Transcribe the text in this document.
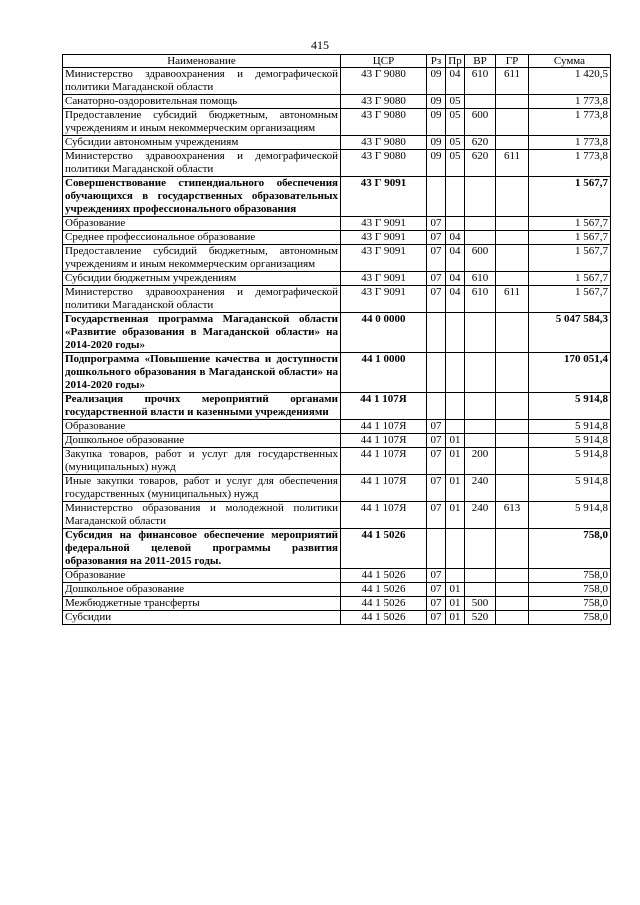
415
Наименование	ЦСР	Рз	Пр	ВР	ГР	Сумма
Министерство здравоохранения и демографической политики Магаданской области	43 Г 9080	09	04	610	611	1 420,5
Санаторно-оздоровительная помощь	43 Г 9080	09	05			1 773,8
Предоставление субсидий бюджетным, автономным учреждениям и иным некоммерческим организациям	43 Г 9080	09	05	600		1 773,8
Субсидии автономным учреждениям	43 Г 9080	09	05	620		1 773,8
Министерство здравоохранения и демографической политики Магаданской области	43 Г 9080	09	05	620	611	1 773,8
Совершенствование стипендиального обеспечения обучающихся в государственных образовательных учреждениях профессионального образования	43 Г 9091					1 567,7
Образование	43 Г 9091	07				1 567,7
Среднее профессиональное образование	43 Г 9091	07	04			1 567,7
Предоставление субсидий бюджетным, автономным учреждениям и иным некоммерческим организациям	43 Г 9091	07	04	600		1 567,7
Субсидии бюджетным учреждениям	43 Г 9091	07	04	610		1 567,7
Министерство здравоохранения и демографической политики Магаданской области	43 Г 9091	07	04	610	611	1 567,7
Государственная программа Магаданской области «Развитие образования в Магаданской области» на 2014-2020 годы»	44 0 0000					5 047 584,3
Подпрограмма «Повышение качества и доступности дошкольного образования в Магаданской области» на 2014-2020 годы»	44 1 0000					170 051,4
Реализация прочих мероприятий органами государственной власти и казенными учреждениями	44 1 107Я					5 914,8
Образование	44 1 107Я	07				5 914,8
Дошкольное образование	44 1 107Я	07	01			5 914,8
Закупка товаров, работ и услуг для государственных (муниципальных) нужд	44 1 107Я	07	01	200		5 914,8
Иные закупки товаров, работ и услуг для обеспечения государственных (муниципальных) нужд	44 1 107Я	07	01	240		5 914,8
Министерство образования и молодежной политики Магаданской области	44 1 107Я	07	01	240	613	5 914,8
Субсидия на финансовое обеспечение мероприятий федеральной целевой программы развития образования на 2011-2015 годы.	44 1 5026					758,0
Образование	44 1 5026	07				758,0
Дошкольное образование	44 1 5026	07	01			758,0
Межбюджетные трансферты	44 1 5026	07	01	500		758,0
Субсидии	44 1 5026	07	01	520		758,0
